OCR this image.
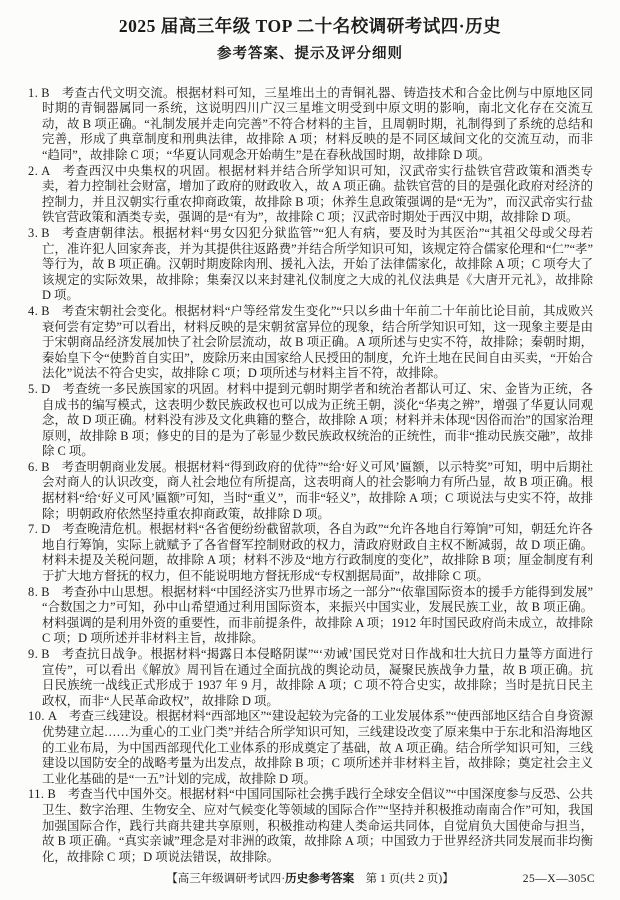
2025 届高三年级 TOP 二十名校调研考试四·历史
参考答案、提示及评分细则

1. B 考查古代文明交流。根据材料可知，三星堆出土的青铜礼器、铸造技术和合金比例与中原地区同时期的青铜器属同一系统，这说明四川广汉三星堆文明受到中原文明的影响，南北文化存在交流互动，故 B 项正确。“礼制发展并走向完善”不符合材料的主旨，且周朝时期，礼制得到了系统的总结和完善，形成了典章制度和刑典法律，故排除 A 项；材料反映的是不同区域间文化的交流互动，而非“趋同”，故排除 C 项；“华夏认同观念开始萌生”是在春秋战国时期，故排除 D 项。

2. A 考查西汉中央集权的巩固。根据材料并结合所学知识可知，汉武帝实行盐铁官营政策和酒类专卖，着力控制社会财富，增加了政府的财政收入，故 A 项正确。盐铁官营的目的是强化政府对经济的控制力，并且汉朝实行重农抑商政策，故排除 B 项；休养生息政策强调的是“无为”，而汉武帝实行盐铁官营政策和酒类专卖，强调的是“有为”，故排除 C 项；汉武帝时期处于西汉中期，故排除 D 项。

3. B 考查唐朝律法。根据材料“男女囚犯分狱监管”“犯人有病，要及时为其医治”“其祖父母或父母若亡，准许犯人回家奔丧，并为其提供往返路费”并结合所学知识可知，该规定符合儒家伦理和“仁”“孝”等行为，故 B 项正确。汉朝时期废除肉刑、援礼入法，开始了法律儒家化，故排除 A 项；C 项夸大了该规定的实际效果，故排除；集秦汉以来封建礼仪制度之大成的礼仪法典是《大唐开元礼》，故排除 D 项。

4. B 考查宋朝社会变化。根据材料“户等经常发生变化”“只以乡曲十年前二十年前比论目前，其成败兴衰何尝有定势”可以看出，材料反映的是宋朝贫富异位的现象，结合所学知识可知，这一现象主要是由于宋朝商品经济发展加快了社会阶层流动，故 B 项正确。A 项所述与史实不符，故排除；秦朝时期，秦始皇下令“使黔首自实田”，废除历来由国家给人民授田的制度，允许土地在民间自由买卖，“开始合法化”说法不符合史实，故排除 C 项；D 项所述与材料主旨不符，故排除。

5. D 考查统一多民族国家的巩固。材料中提到元朝时期学者和统治者都认可辽、宋、金皆为正统，各自成书的编写模式，这表明少数民族政权也可以成为正统王朝，淡化“华夷之辨”，增强了华夏认同观念，故 D 项正确。材料没有涉及文化典籍的整合，故排除 A 项；材料并未体现“因俗而治”的国家治理原则，故排除 B 项；修史的目的是为了彰显少数民族政权统治的正统性，而非“推动民族交融”，故排除 C 项。

6. B 考查明朝商业发展。根据材料“得到政府的优待”“给‘好义可风’匾额，以示特奖”可知，明中后期社会对商人的认识改变，商人社会地位有所提高，这表明商人的社会影响力有所凸显，故 B 项正确。根据材料“给‘好义可风’匾额”可知，当时“重义”，而非“轻义”，故排除 A 项；C 项说法与史实不符，故排除；明朝政府依然坚持重农抑商政策，故排除 D 项。

7. D 考查晚清危机。根据材料“各省便纷纷截留款项，各自为政”“允许各地自行筹饷”可知，朝廷允许各地自行筹饷，实际上就赋予了各省督军控制财政的权力，清政府财政自主权不断减弱，故 D 项正确。材料未提及关税问题，故排除 A 项；材料不涉及“地方行政制度的变化”，故排除 B 项；厘金制度有利于扩大地方督抚的权力，但不能说明地方督抚形成“专权割据局面”，故排除 C 项。

8. B 考查孙中山思想。根据材料“中国经济实乃世界市场之一部分”“依靠国际资本的援手方能得到发展”“合数国之力”可知，孙中山希望通过利用国际资本，来振兴中国实业，发展民族工业，故 B 项正确。材料强调的是利用外资的重要性，而非前提条件，故排除 A 项；1912 年时国民政府尚未成立，故排除 C 项；D 项所述并非材料主旨，故排除。

9. B 考查抗日战争。根据材料“揭露日本侵略阴谋”“‘劝诫’国民党对日作战和壮大抗日力量等方面进行宣传”，可以看出《解放》周刊旨在通过全面抗战的舆论动员，凝聚民族战争力量，故 B 项正确。抗日民族统一战线正式形成于 1937 年 9 月，故排除 A 项；C 项不符合史实，故排除；当时是抗日民主政权，而非“人民革命政权”，故排除 D 项。

10. A 考查三线建设。根据材料“西部地区”“建设起较为完备的工业发展体系”“使西部地区结合自身资源优势建立起……为重心的工业门类”并结合所学知识可知，三线建设改变了原来集中于东北和沿海地区的工业布局，为中国西部现代化工业体系的形成奠定了基础，故 A 项正确。结合所学知识可知，三线建设以国防安全的战略考量为出发点，故排除 B 项；C 项所述并非材料主旨，故排除；奠定社会主义工业化基础的是“一五”计划的完成，故排除 D 项。

11. B 考查当代中国外交。根据材料“中国同国际社会携手践行全球安全倡议”“中国深度参与反恐、公共卫生、数字治理、生物安全、应对气候变化等领域的国际合作”“坚持并积极推动南南合作”可知，我国加强国际合作，践行共商共建共享原则，积极推动构建人类命运共同体，自觉肩负大国使命与担当，故 B 项正确。“真实亲诚”理念是对非洲的政策，故排除 A 项；中国致力于世界经济共同发展而非均衡化，故排除 C 项；D 项说法错误，故排除。

【高三年级调研考试四·历史参考答案　第 1 页(共 2 页)】	25—X—305C
